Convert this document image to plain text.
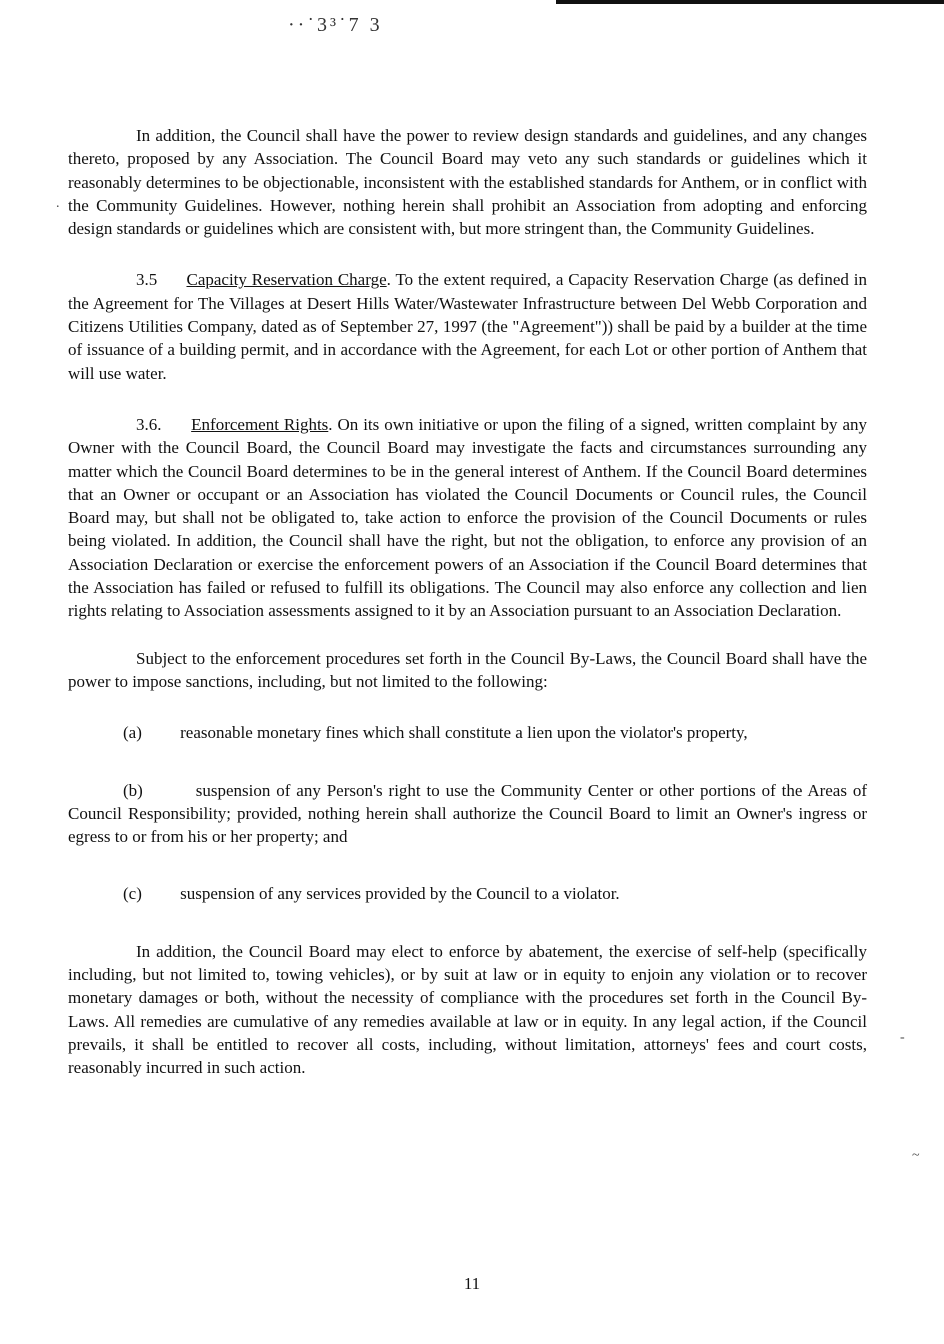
··˙3³˙7 3

In addition, the Council shall have the power to review design standards and guidelines, and any changes thereto, proposed by any Association. The Council Board may veto any such standards or guidelines which it reasonably determines to be objectionable, inconsistent with the established standards for Anthem, or in conflict with the Community Guidelines. However, nothing herein shall prohibit an Association from adopting and enforcing design standards or guidelines which are consistent with, but more stringent than, the Community Guidelines.

3.5 Capacity Reservation Charge. To the extent required, a Capacity Reservation Charge (as defined in the Agreement for The Villages at Desert Hills Water/Wastewater Infrastructure between Del Webb Corporation and Citizens Utilities Company, dated as of September 27, 1997 (the "Agreement")) shall be paid by a builder at the time of issuance of a building permit, and in accordance with the Agreement, for each Lot or other portion of Anthem that will use water.

3.6. Enforcement Rights. On its own initiative or upon the filing of a signed, written complaint by any Owner with the Council Board, the Council Board may investigate the facts and circumstances surrounding any matter which the Council Board determines to be in the general interest of Anthem. If the Council Board determines that an Owner or occupant or an Association has violated the Council Documents or Council rules, the Council Board may, but shall not be obligated to, take action to enforce the provision of the Council Documents or rules being violated. In addition, the Council shall have the right, but not the obligation, to enforce any provision of an Association Declaration or exercise the enforcement powers of an Association if the Council Board determines that the Association has failed or refused to fulfill its obligations. The Council may also enforce any collection and lien rights relating to Association assessments assigned to it by an Association pursuant to an Association Declaration.

Subject to the enforcement procedures set forth in the Council By-Laws, the Council Board shall have the power to impose sanctions, including, but not limited to the following:

(a) reasonable monetary fines which shall constitute a lien upon the violator's property,

(b)	suspension of any Person's right to use the Community Center or other portions of the Areas of Council Responsibility; provided, nothing herein shall authorize the Council Board to limit an Owner's ingress or egress to or from his or her property; and

(c) suspension of any services provided by the Council to a violator.

In addition, the Council Board may elect to enforce by abatement, the exercise of self-help (specifically including, but not limited to, towing vehicles), or by suit at law or in equity to enjoin any violation or to recover monetary damages or both, without the necessity of compliance with the procedures set forth in the Council By-Laws. All remedies are cumulative of any remedies available at law or in equity. In any legal action, if the Council prevails, it shall be entitled to recover all costs, including, without limitation, attorneys' fees and court costs, reasonably incurred in such action.

11
-
~
.
